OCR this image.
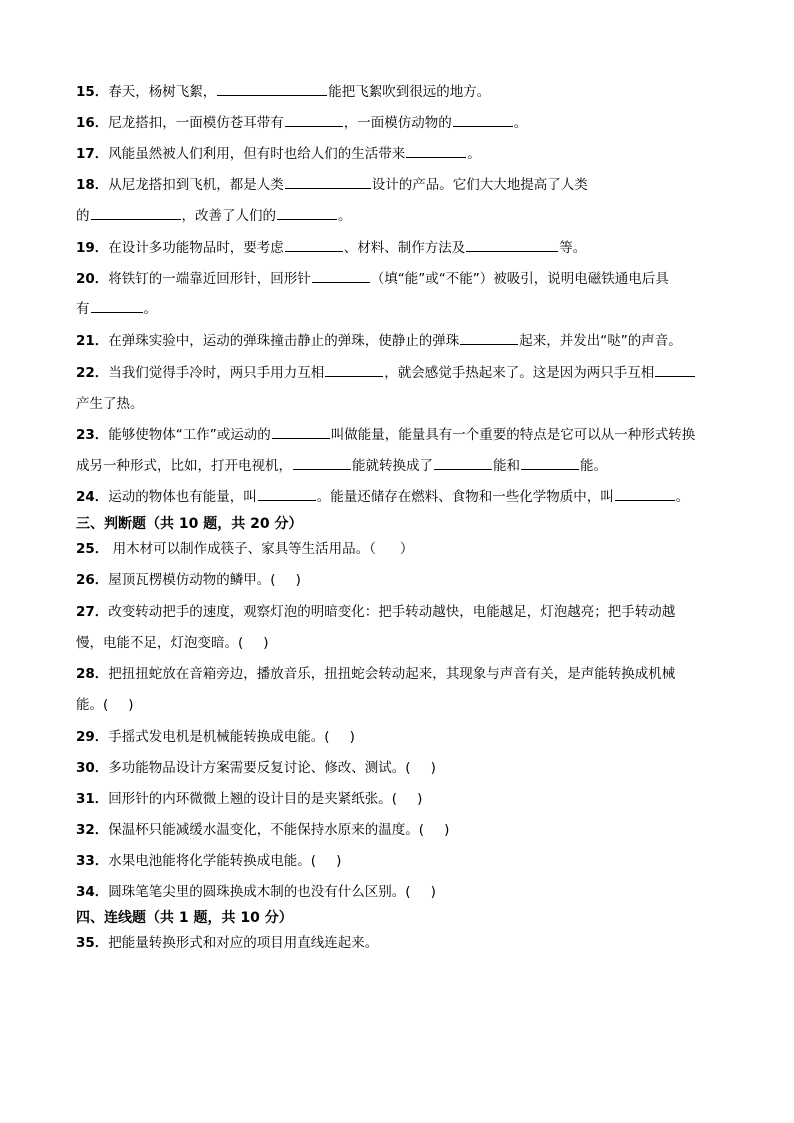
15．春天，杨树飞絮，	能把飞絮吹到很远的地方。
16．尼龙搭扣，一面模仿苍耳带有	，一面模仿动物的	。
17．风能虽然被人们利用，但有时也给人们的生活带来	。
18．从尼龙搭扣到飞机，都是人类	设计的产品。它们大大地提高了人类
的	，改善了人们的	。
19．在设计多功能物品时，要考虑	、材料、制作方法及	等。
20．将铁钉的一端靠近回形针，回形针	（填“能”或“不能”）被吸引，说明电磁铁通电后具
有	。
21．在弹珠实验中，运动的弹珠撞击静止的弹珠，使静止的弹珠	起来，并发出“哒”的声音。
22．当我们觉得手冷时，两只手用力互相	，就会感觉手热起来了。这是因为两只手互相
产生了热。
23．能够使物体“工作”或运动的	叫做能量，能量具有一个重要的特点是它可以从一种形式转换
成另一种形式，比如，打开电视机，	能就转换成了	能和	能。
24．运动的物体也有能量，叫	。能量还储存在燃料、食物和一些化学物质中，叫	。
三、判断题（共 10 题，共 20 分）
25． 用木材可以制作成筷子、家具等生活用品。（ ）
26．屋顶瓦楞模仿动物的鳞甲。( )
27．改变转动把手的速度，观察灯泡的明暗变化：把手转动越快，电能越足，灯泡越亮；把手转动越
慢，电能不足，灯泡变暗。( )
28．把扭扭蛇放在音箱旁边，播放音乐，扭扭蛇会转动起来，其现象与声音有关，是声能转换成机械
能。( )
29．手摇式发电机是机械能转换成电能。( )
30．多功能物品设计方案需要反复讨论、修改、测试。( )
31．回形针的内环微微上翘的设计目的是夹紧纸张。( )
32．保温杯只能减缓水温变化，不能保持水原来的温度。( )
33．水果电池能将化学能转换成电能。( )
34．圆珠笔笔尖里的圆珠换成木制的也没有什么区别。( )
四、连线题（共 1 题，共 10 分）
35．把能量转换形式和对应的项目用直线连起来。
